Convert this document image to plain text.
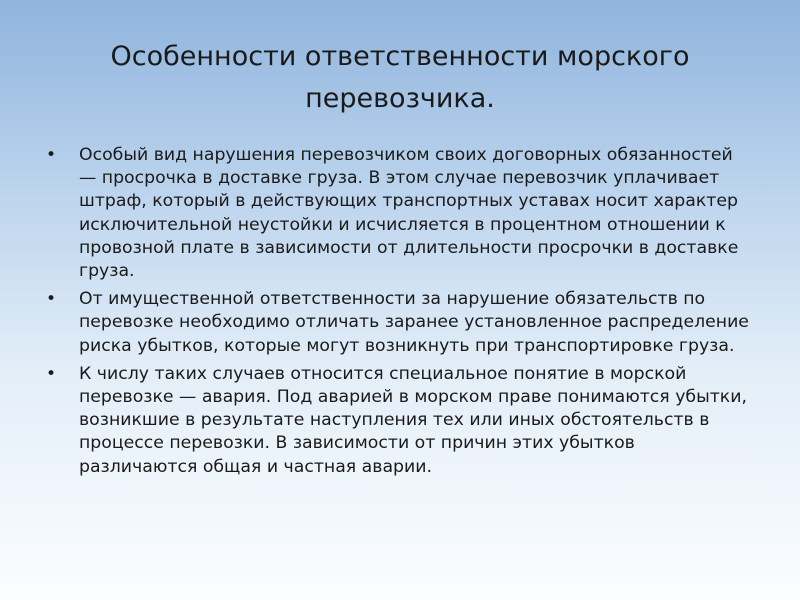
Особенности ответственности морского перевозчика.
• Особый вид нарушения перевозчиком своих договорных обязанностей — просрочка в доставке груза. В этом случае перевозчик уплачивает штраф, который в действующих транспортных уставах носит характер исключительной неустойки и исчисляется в процентном отношении к провозной плате в зависимости от длительности просрочки в доставке груза.
• От имущественной ответственности за нарушение обязательств по перевозке необходимо отличать заранее установленное распределение риска убытков, которые могут возникнуть при транспортировке груза.
• К числу таких случаев относится специальное понятие в морской перевозке — авария. Под аварией в морском праве понимаются убытки, возникшие в результате наступления тех или иных обстоятельств в процессе перевозки. В зависимости от причин этих убытков различаются общая и частная аварии.
